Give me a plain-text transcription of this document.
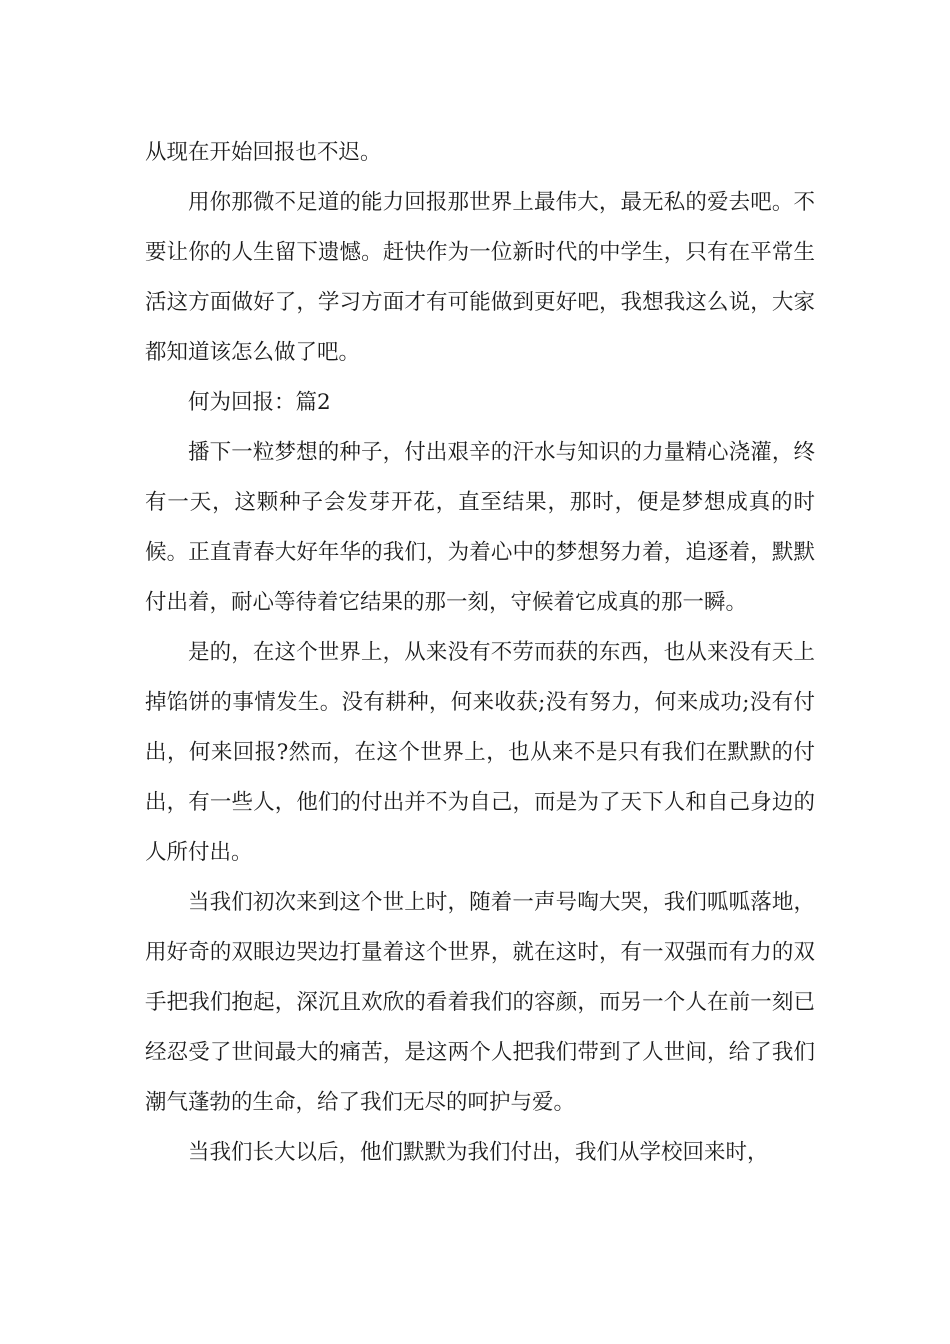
从现在开始回报也不迟。

用你那微不足道的能力回报那世界上最伟大，最无私的爱去吧。不要让你的人生留下遗憾。赶快作为一位新时代的中学生，只有在平常生活这方面做好了，学习方面才有可能做到更好吧，我想我这么说，大家都知道该怎么做了吧。

何为回报：篇2

播下一粒梦想的种子，付出艰辛的汗水与知识的力量精心浇灌，终有一天，这颗种子会发芽开花，直至结果，那时，便是梦想成真的时候。正直青春大好年华的我们，为着心中的梦想努力着，追逐着，默默付出着，耐心等待着它结果的那一刻，守候着它成真的那一瞬。

是的，在这个世界上，从来没有不劳而获的东西，也从来没有天上掉馅饼的事情发生。没有耕种，何来收获;没有努力，何来成功;没有付出，何来回报?然而，在这个世界上，也从来不是只有我们在默默的付出，有一些人，他们的付出并不为自己，而是为了天下人和自己身边的人所付出。

当我们初次来到这个世上时，随着一声号啕大哭，我们呱呱落地，用好奇的双眼边哭边打量着这个世界，就在这时，有一双强而有力的双手把我们抱起，深沉且欢欣的看着我们的容颜，而另一个人在前一刻已经忍受了世间最大的痛苦，是这两个人把我们带到了人世间，给了我们潮气蓬勃的生命，给了我们无尽的呵护与爱。

当我们长大以后，他们默默为我们付出，我们从学校回来时，
